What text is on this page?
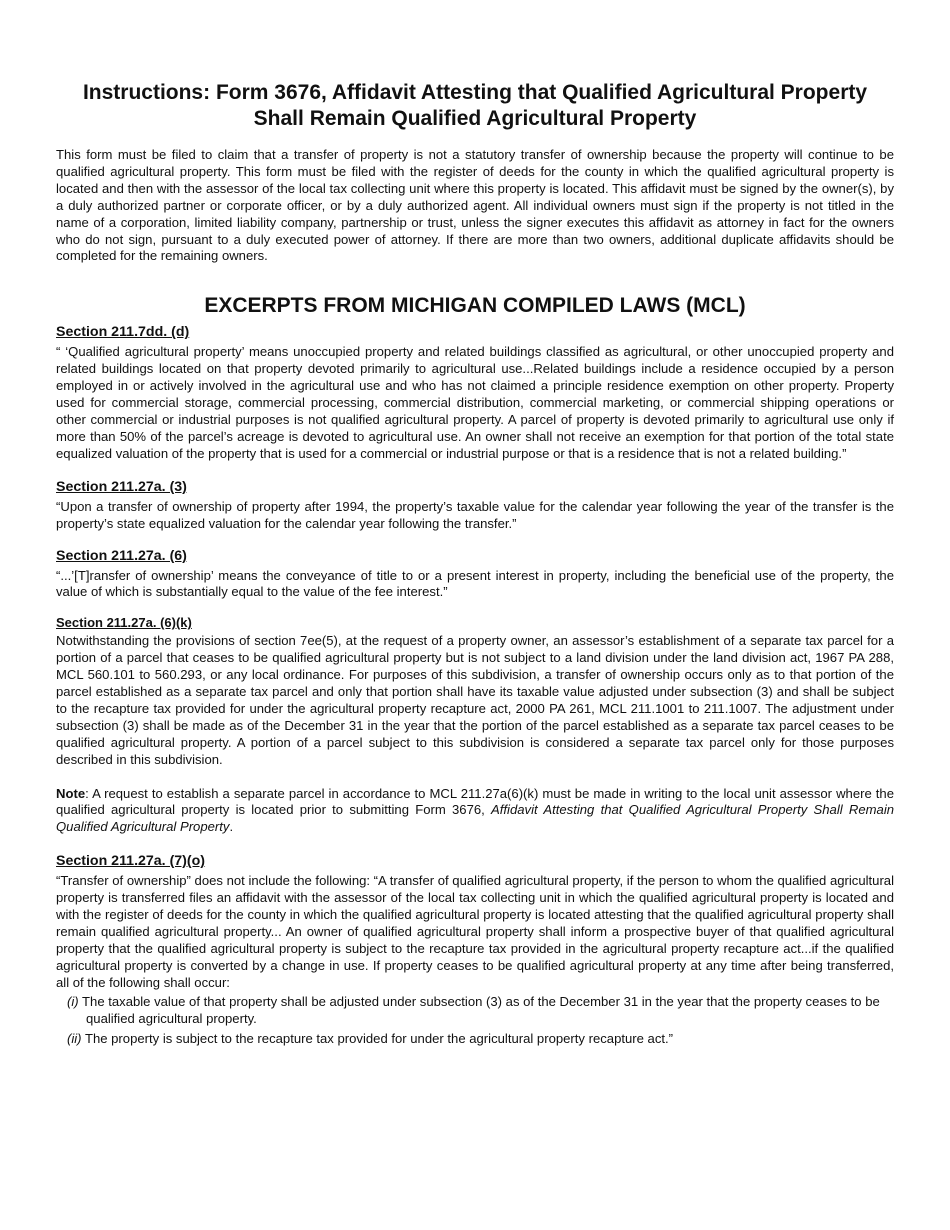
Instructions: Form 3676, Affidavit Attesting that Qualified Agricultural Property
Shall Remain Qualified Agricultural Property

This form must be filed to claim that a transfer of property is not a statutory transfer of ownership because the property will continue to be qualified agricultural property. This form must be filed with the register of deeds for the county in which the qualified agricultural property is located and then with the assessor of the local tax collecting unit where this property is located. This affidavit must be signed by the owner(s), by a duly authorized partner or corporate officer, or by a duly authorized agent. All individual owners must sign if the property is not titled in the name of a corporation, limited liability company, partnership or trust, unless the signer executes this affidavit as attorney in fact for the owners who do not sign, pursuant to a duly executed power of attorney. If there are more than two owners, additional duplicate affidavits should be completed for the remaining owners.

EXCERPTS FROM MICHIGAN COMPILED LAWS (MCL)
Section 211.7dd. (d)

“ ‘Qualified agricultural property’ means unoccupied property and related buildings classified as agricultural, or other unoccupied property and related buildings located on that property devoted primarily to agricultural use...Related buildings include a residence occupied by a person employed in or actively involved in the agricultural use and who has not claimed a principle residence exemption on other property. Property used for commercial storage, commercial processing, commercial distribution, commercial marketing, or commercial shipping operations or other commercial or industrial purposes is not qualified agricultural property. A parcel of property is devoted primarily to agricultural use only if more than 50% of the parcel’s acreage is devoted to agricultural use. An owner shall not receive an exemption for that portion of the total state equalized valuation of the property that is used for a commercial or industrial purpose or that is a residence that is not a related building.”

Section 211.27a. (3)

“Upon a transfer of ownership of property after 1994, the property’s taxable value for the calendar year following the year of the transfer is the property’s state equalized valuation for the calendar year following the transfer.”

Section 211.27a. (6)

“...’[T]ransfer of ownership’ means the conveyance of title to or a present interest in property, including the beneficial use of the property, the value of which is substantially equal to the value of the fee interest.”

Section 211.27a. (6)(k)

Notwithstanding the provisions of section 7ee(5), at the request of a property owner, an assessor’s establishment of a separate tax parcel for a portion of a parcel that ceases to be qualified agricultural property but is not subject to a land division under the land division act, 1967 PA 288, MCL 560.101 to 560.293, or any local ordinance. For purposes of this subdivision, a transfer of ownership occurs only as to that portion of the parcel established as a separate tax parcel and only that portion shall have its taxable value adjusted under subsection (3) and shall be subject to the recapture tax provided for under the agricultural property recapture act, 2000 PA 261, MCL 211.1001 to 211.1007. The adjustment under subsection (3) shall be made as of the December 31 in the year that the portion of the parcel established as a separate tax parcel ceases to be qualified agricultural property. A portion of a parcel subject to this subdivision is considered a separate tax parcel only for those purposes described in this subdivision.

Note: A request to establish a separate parcel in accordance to MCL 211.27a(6)(k) must be made in writing to the local unit assessor where the qualified agricultural property is located prior to submitting Form 3676, Affidavit Attesting that Qualified Agricultural Property Shall Remain Qualified Agricultural Property.

Section 211.27a. (7)(o)

“Transfer of ownership” does not include the following: “A transfer of qualified agricultural property, if the person to whom the qualified agricultural property is transferred files an affidavit with the assessor of the local tax collecting unit in which the qualified agricultural property is located and with the register of deeds for the county in which the qualified agricultural property is located attesting that the qualified agricultural property shall remain qualified agricultural property... An owner of qualified agricultural property shall inform a prospective buyer of that qualified agricultural property that the qualified agricultural property is subject to the recapture tax provided in the agricultural property recapture act...if the qualified agricultural property is converted by a change in use. If property ceases to be qualified agricultural property at any time after being transferred, all of the following shall occur:

(i) The taxable value of that property shall be adjusted under subsection (3) as of the December 31 in the year that the property ceases to be qualified agricultural property.
(ii) The property is subject to the recapture tax provided for under the agricultural property recapture act.”
